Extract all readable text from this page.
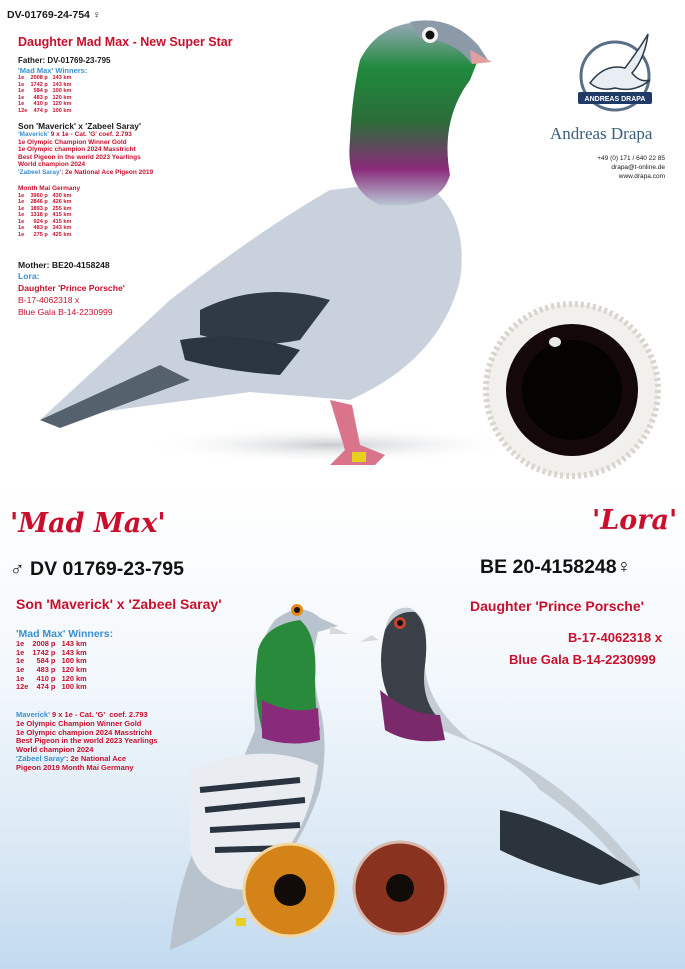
ANDREAS DRAPA
Andreas Drapa
+49 (0) 171 / 640 22 85
drapa@t-online.de
www.drapa.com
DV-01769-24-754 ♀
Daughter Mad Max - New Super Star
Father: DV-01769-23-795
'Mad Max' Winners:
1e    2008 p   143 km
1e    1742 p   143 km
1e      584 p   100 km
1e      483 p   120 km
1e      410 p   120 km
12e    474 p   100 km
Son 'Maverick' x 'Zabeel Saray'
'Maverick' 9 x 1e - Cat. 'G' coef. 2.793
1e Olympic Champion Winner Gold
1e Olympic champion 2024 Masstricht
Best Pigeon in the world 2023 Yearlings
World champion 2024
'Zabeel Saray': 2e National Ace Pigeon 2019
Month Mai Germany
1e    3960 p   430 km
1e    2846 p   426 km
1e    1893 p   255 km
1e    1318 p   415 km
1e      924 p   415 km
1e      483 p   343 km
1e      275 p   425 km
Mother: BE20-4158248
Lora:
Daughter 'Prince Porsche'
B-17-4062318 x
Blue Gala B-14-2230999
'Mad Max'	'Lora'
♂ DV 01769-23-795	BE 20-4158248♀
Son 'Maverick' x 'Zabeel Saray'	Daughter 'Prince Porsche'
B-17-4062318 x
Blue Gala B-14-2230999
'Mad Max' Winners:
1e    2008 p   143 km
1e    1742 p   143 km
1e      584 p   100 km
1e      483 p   120 km
1e      410 p   120 km
12e    474 p   100 km
Maverick' 9 x 1e - Cat. 'G'  coef. 2.793
1e Olympic Champion Winner Gold
1e Olympic champion 2024 Masstricht
Best Pigeon in the world 2023 Yearlings
World champion 2024
'Zabeel Saray': 2e National Ace
Pigeon 2019 Month Mai Germany
